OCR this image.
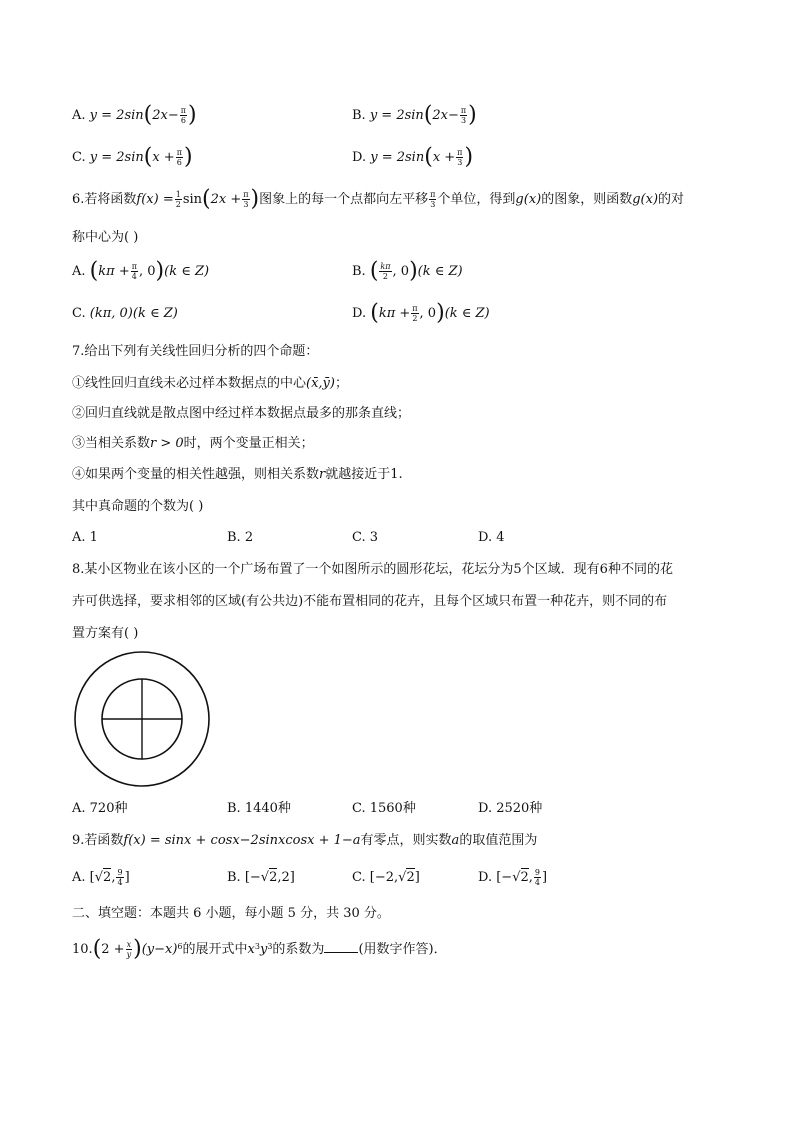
A. $y = 2\sin(2x- \frac{\pi}{6}$ )	B. $y = 2\sin(2x- \frac{\pi}{3}$ )
C. $y = 2\sin(x + \frac{\pi}{6}$ )	D. $y = 2\sin(x + \frac{\pi}{3}$ )
6.若将函数$f(x) = \frac{1}{2} \sin(2x + \frac{\pi}{3}$ )图象上的每一个点都向左平移 $\frac{\pi}{3}$ 个单位，得到g(x)的图象，则函数g(x)的对
称中心为( )
A. ($k\pi + \frac{\pi}{4}$ , 0)(k ∈ Z)	B. ( $\frac{k\pi}{2}$ , 0)(k ∈ Z)
C. (kπ, 0)(k ∈ Z)	D. ($k\pi + \frac{\pi}{2}$ , 0)(k ∈ Z)
7.给出下列有关线性回归分析的四个命题：
①线性回归直线未必过样本数据点的中心(x̄,ȳ)；
②回归直线就是散点图中经过样本数据点最多的那条直线；
③当相关系数r > 0时，两个变量正相关；
④如果两个变量的相关性越强，则相关系数r就越接近于1.
其中真命题的个数为( )
A. 1	B. 2	C. 3	D. 4
8.某小区物业在该小区的一个广场布置了一个如图所示的圆形花坛，花坛分为5个区域．现有6种不同的花
卉可供选择，要求相邻的区域(有公共边)不能布置相同的花卉，且每个区域只布置一种花卉，则不同的布
置方案有( )
A. 720种	B. 1440种	C. 1560种	D. 2520种
9.若函数f(x) = sinx + cosx−2sinxcosx + 1−a有零点，则实数a的取值范围为
A. [√2, $\frac{9}{4}$ ]	B. [−√2,2]	C. [−2,√2]	D. [−√2, $\frac{9}{4}$ ]
二、填空题：本题共 6 小题，每小题 5 分，共 30 分。
$10.(2 + \frac{x}{y} )(y-x)^6$的展开式中$x^3y^3$的系数为	(用数字作答)．
